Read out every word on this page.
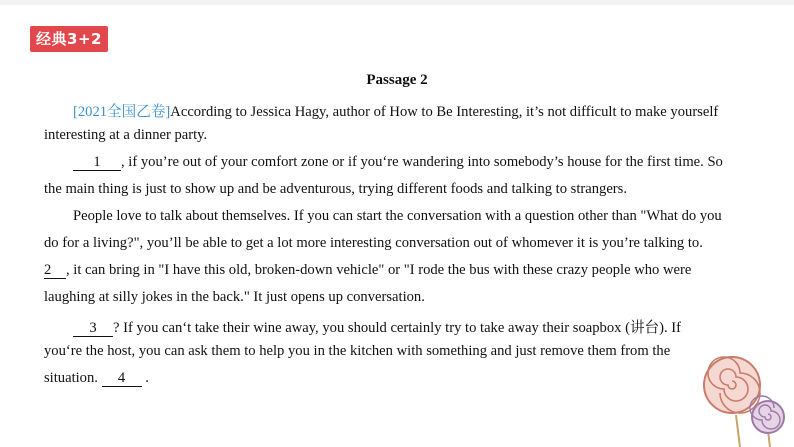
经典3+2
Passage 2
[2021全国乙卷]According to Jessica Hagy, author of How to Be Interesting, it’s not difficult to make yourself
interesting at a dinner party.
1 , if you’re out of your comfort zone or if you‘re wandering into somebody’s house for the first time. So
the main thing is just to show up and be adventurous, trying different foods and talking to strangers.
People love to talk about themselves. If you can start the conversation with a question other than "What do you
do for a living?", you’ll be able to get a lot more interesting conversation out of whomever it is you’re talking to.
2 , it can bring in "I have this old, broken-down vehicle" or "I rode the bus with these crazy people who were
laughing at silly jokes in the back." It just opens up conversation.
3 ? If you can‘t take their wine away, you should certainly try to take away their soapbox (讲台). If
you‘re the host, you can ask them to help you in the kitchen with something and just remove them from the
situation. 4 .
